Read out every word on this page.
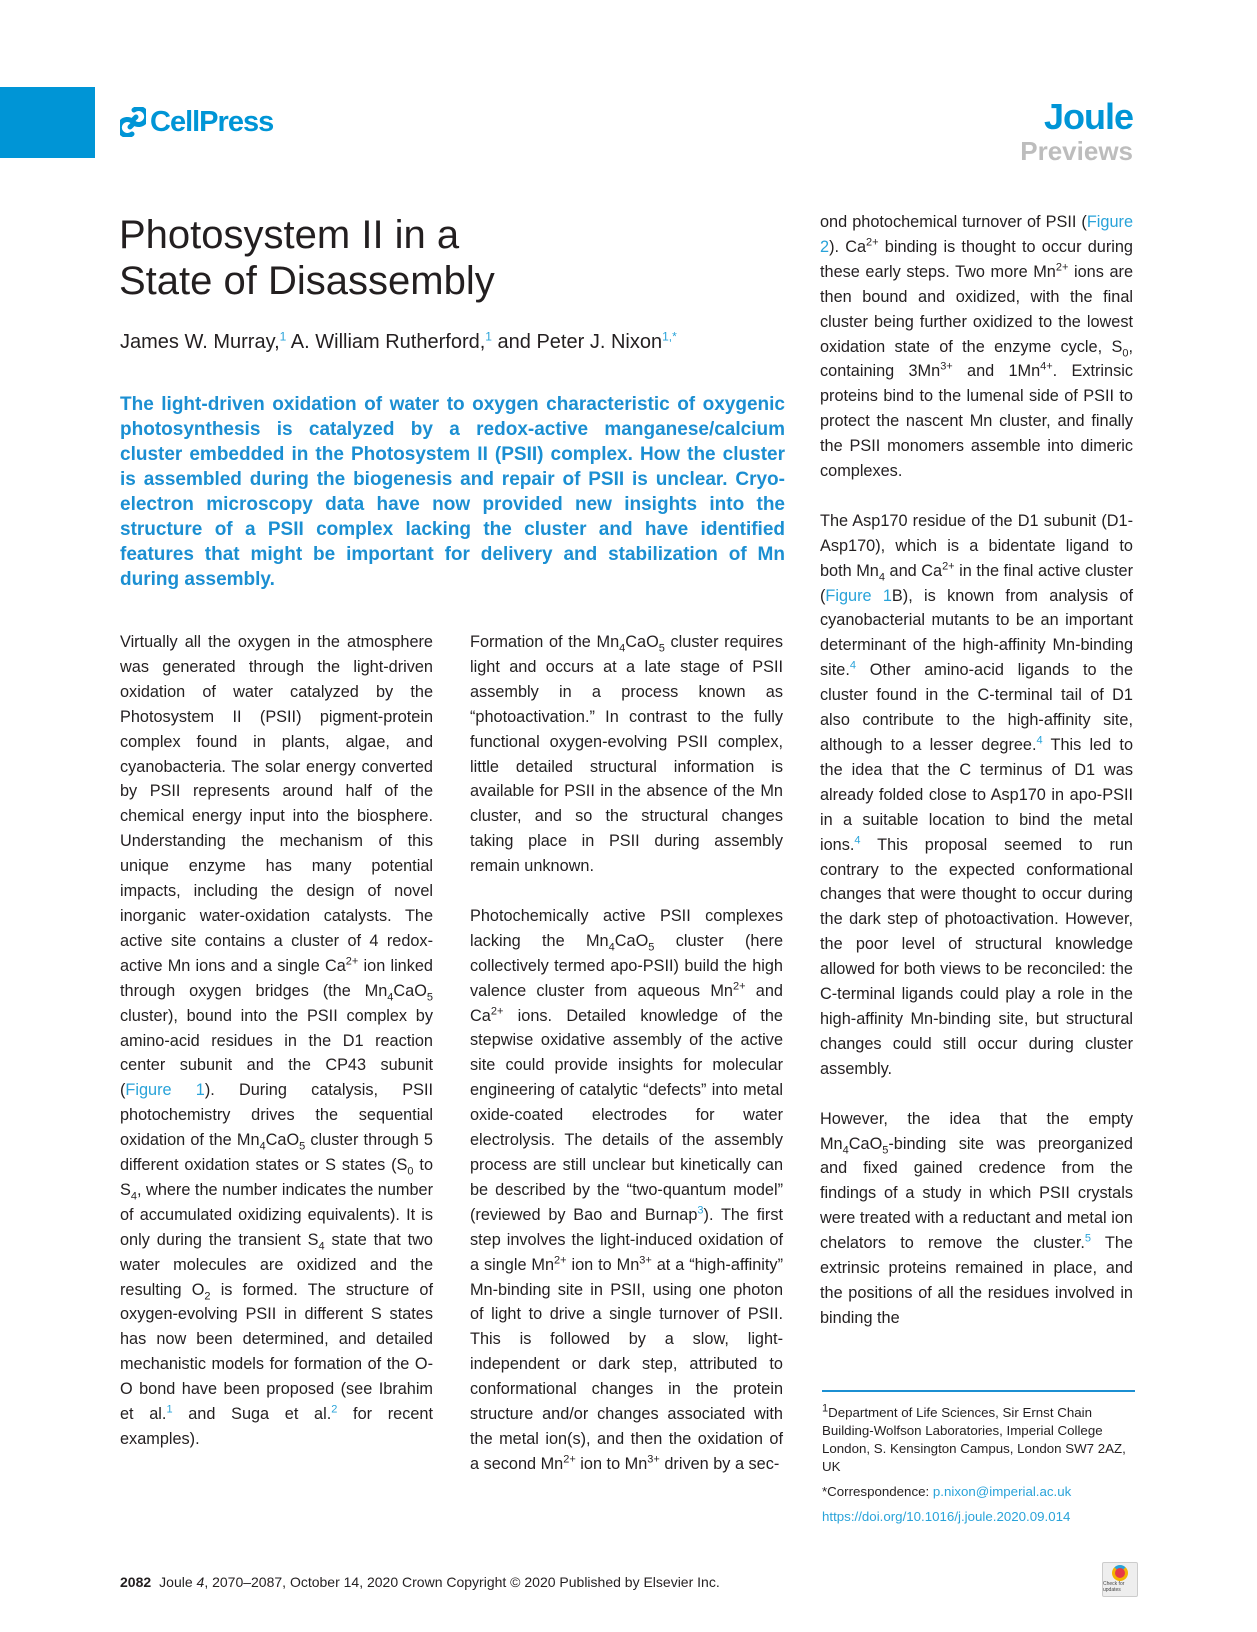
CellPress	Joule
Previews
Photosystem II in a
State of Disassembly
James W. Murray,$^1$ A. William Rutherford,$^1$ and Peter J. Nixon$^{1,*}$

The light-driven oxidation of water to oxygen characteristic of oxygenic photosynthesis is catalyzed by a redox-active manganese/calcium cluster embedded in the Photosystem II (PSII) complex. How the cluster is assembled during the biogenesis and repair of PSII is unclear. Cryo-electron microscopy data have now provided new insights into the structure of a PSII complex lacking the cluster and have identified features that might be important for delivery and stabilization of Mn during assembly.

Virtually all the oxygen in the atmosphere was generated through the light-driven oxidation of water catalyzed by the Photosystem II (PSII) pigment-protein complex found in plants, algae, and cyanobacteria. The solar energy converted by PSII represents around half of the chemical energy input into the biosphere. Understanding the mechanism of this unique enzyme has many potential impacts, including the design of novel inorganic water-oxidation catalysts. The active site contains a cluster of 4 redox-active Mn ions and a single $Ca^{2+}$ ion linked through oxygen bridges (the $Mn_4CaO_5$ cluster), bound into the PSII complex by amino-acid residues in the D1 reaction center subunit and the CP43 subunit (Figure 1). During catalysis, PSII photochemistry drives the sequential oxidation of the $Mn_4CaO_5$ cluster through 5 different oxidation states or S states ($S_0$ to $S_4$, where the number indicates the number of accumulated oxidizing equivalents). It is only during the transient $S_4$ state that two water molecules are oxidized and the resulting $O_2$ is formed. The structure of oxygen-evolving PSII in different S states has now been determined, and detailed mechanistic models for formation of the O-O bond have been proposed (see Ibrahim et al.$^1$ and Suga et al.$^2$ for recent examples).

Formation of the $Mn_4CaO_5$ cluster requires light and occurs at a late stage of PSII assembly in a process known as “photoactivation.” In contrast to the fully functional oxygen-evolving PSII complex, little detailed structural information is available for PSII in the absence of the Mn cluster, and so the structural changes taking place in PSII during assembly remain unknown.

Photochemically active PSII complexes lacking the $Mn_4CaO_5$ cluster (here collectively termed apo-PSII) build the high valence cluster from aqueous $Mn^{2+}$ and $Ca^{2+}$ ions. Detailed knowledge of the stepwise oxidative assembly of the active site could provide insights for molecular engineering of catalytic “defects” into metal oxide-coated electrodes for water electrolysis. The details of the assembly process are still unclear but kinetically can be described by the “two-quantum model” (reviewed by Bao and Burnap$^3$). The first step involves the light-induced oxidation of a single $Mn^{2+}$ ion to $Mn^{3+}$ at a “high-affinity” Mn-binding site in PSII, using one photon of light to drive a single turnover of PSII. This is followed by a slow, light-independent or dark step, attributed to conformational changes in the protein structure and/or changes associated with the metal ion(s), and then the oxidation of a second $Mn^{2+}$ ion to $Mn^{3+}$ driven by a sec-

ond photochemical turnover of PSII (Figure 2). $Ca^{2+}$ binding is thought to occur during these early steps. Two more $Mn^{2+}$ ions are then bound and oxidized, with the final cluster being further oxidized to the lowest oxidation state of the enzyme cycle, $S_0$, containing $3Mn^{3+}$ and $1Mn^{4+}$. Extrinsic proteins bind to the lumenal side of PSII to protect the nascent Mn cluster, and finally the PSII monomers assemble into dimeric complexes.

The Asp170 residue of the D1 subunit (D1-Asp170), which is a bidentate ligand to both $Mn_4$ and $Ca^{2+}$ in the final active cluster (Figure 1B), is known from analysis of cyanobacterial mutants to be an important determinant of the high-affinity Mn-binding site.$^4$ Other amino-acid ligands to the cluster found in the C-terminal tail of D1 also contribute to the high-affinity site, although to a lesser degree.$^4$ This led to the idea that the C terminus of D1 was already folded close to Asp170 in apo-PSII in a suitable location to bind the metal ions.$^4$ This proposal seemed to run contrary to the expected conformational changes that were thought to occur during the dark step of photoactivation. However, the poor level of structural knowledge allowed for both views to be reconciled: the C-terminal ligands could play a role in the high-affinity Mn-binding site, but structural changes could still occur during cluster assembly.

However, the idea that the empty $Mn_4CaO_5$-binding site was preorganized and fixed gained credence from the findings of a study in which PSII crystals were treated with a reductant and metal ion chelators to remove the cluster.$^5$ The extrinsic proteins remained in place, and the positions of all the residues involved in binding the

$^1$Department of Life Sciences, Sir Ernst Chain Building-Wolfson Laboratories, Imperial College London, S. Kensington Campus, London SW7 2AZ, UK

*Correspondence: p.nixon@imperial.ac.uk

https://doi.org/10.1016/j.joule.2020.09.014

Check for updates
2082 Joule 4, 2070–2087, October 14, 2020 Crown Copyright © 2020 Published by Elsevier Inc.
